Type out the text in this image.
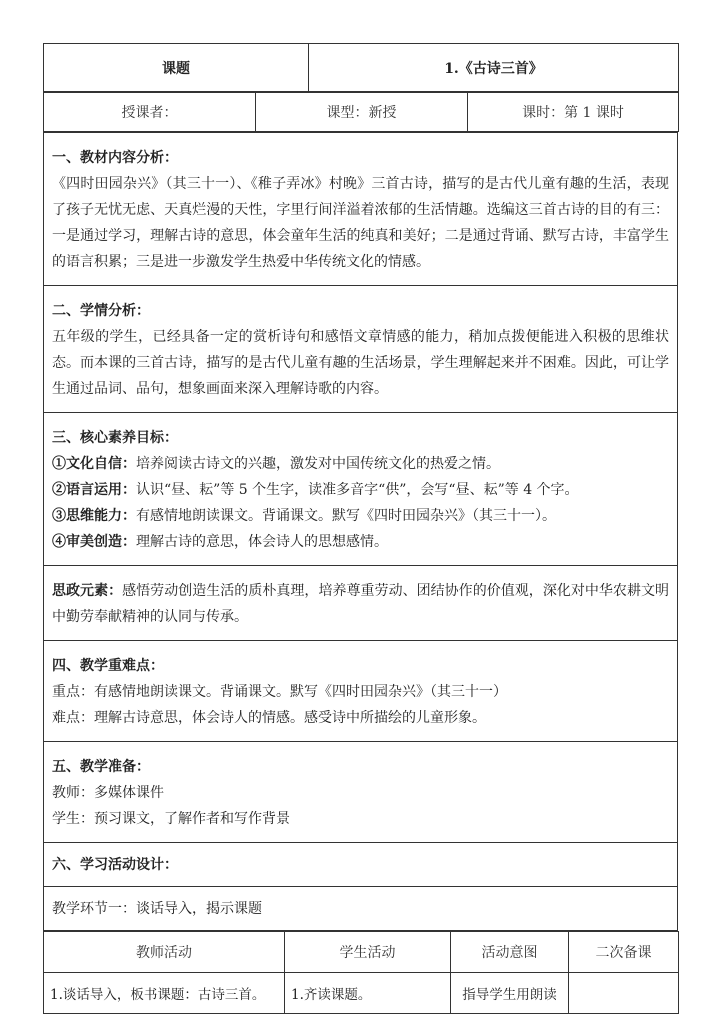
课题	1.《古诗三首》
授课者：	课型：新授	课时：第 1 课时
一、教材内容分析：
《四时田园杂兴》（其三十一）、《稚子弄冰》村晚》三首古诗，描写的是古代儿童有趣的生活，表现了孩子无忧无虑、天真烂漫的天性，字里行间洋溢着浓郁的生活情趣。选编这三首古诗的目的有三：一是通过学习，理解古诗的意思，体会童年生活的纯真和美好；二是通过背诵、默写古诗，丰富学生的语言积累；三是进一步激发学生热爱中华传统文化的情感。

二、学情分析：
五年级的学生，已经具备一定的赏析诗句和感悟文章情感的能力，稍加点拨便能进入积极的思维状态。而本课的三首古诗，描写的是古代儿童有趣的生活场景，学生理解起来并不困难。因此，可让学生通过品词、品句，想象画面来深入理解诗歌的内容。

三、核心素养目标：
①文化自信：培养阅读古诗文的兴趣，激发对中国传统文化的热爱之情。
②语言运用：认识“昼、耘”等 5 个生字，读准多音字“供”，会写“昼、耘”等 4 个字。
③思维能力：有感情地朗读课文。背诵课文。默写《四时田园杂兴》（其三十一）。
④审美创造：理解古诗的意思，体会诗人的思想感情。

思政元素：感悟劳动创造生活的质朴真理，培养尊重劳动、团结协作的价值观，深化对中华农耕文明中勤劳奉献精神的认同与传承。

四、教学重难点：
重点：有感情地朗读课文。背诵课文。默写《四时田园杂兴》（其三十一）
难点：理解古诗意思，体会诗人的情感。感受诗中所描绘的儿童形象。

五、教学准备：
教师：多媒体课件
学生：预习课文，了解作者和写作背景

六、学习活动设计：

教学环节一：谈话导入，揭示课题
教师活动	学生活动	活动意图	二次备课
1.谈话导入，板书课题：古诗三首。	1.齐读课题。	指导学生用朗读	
